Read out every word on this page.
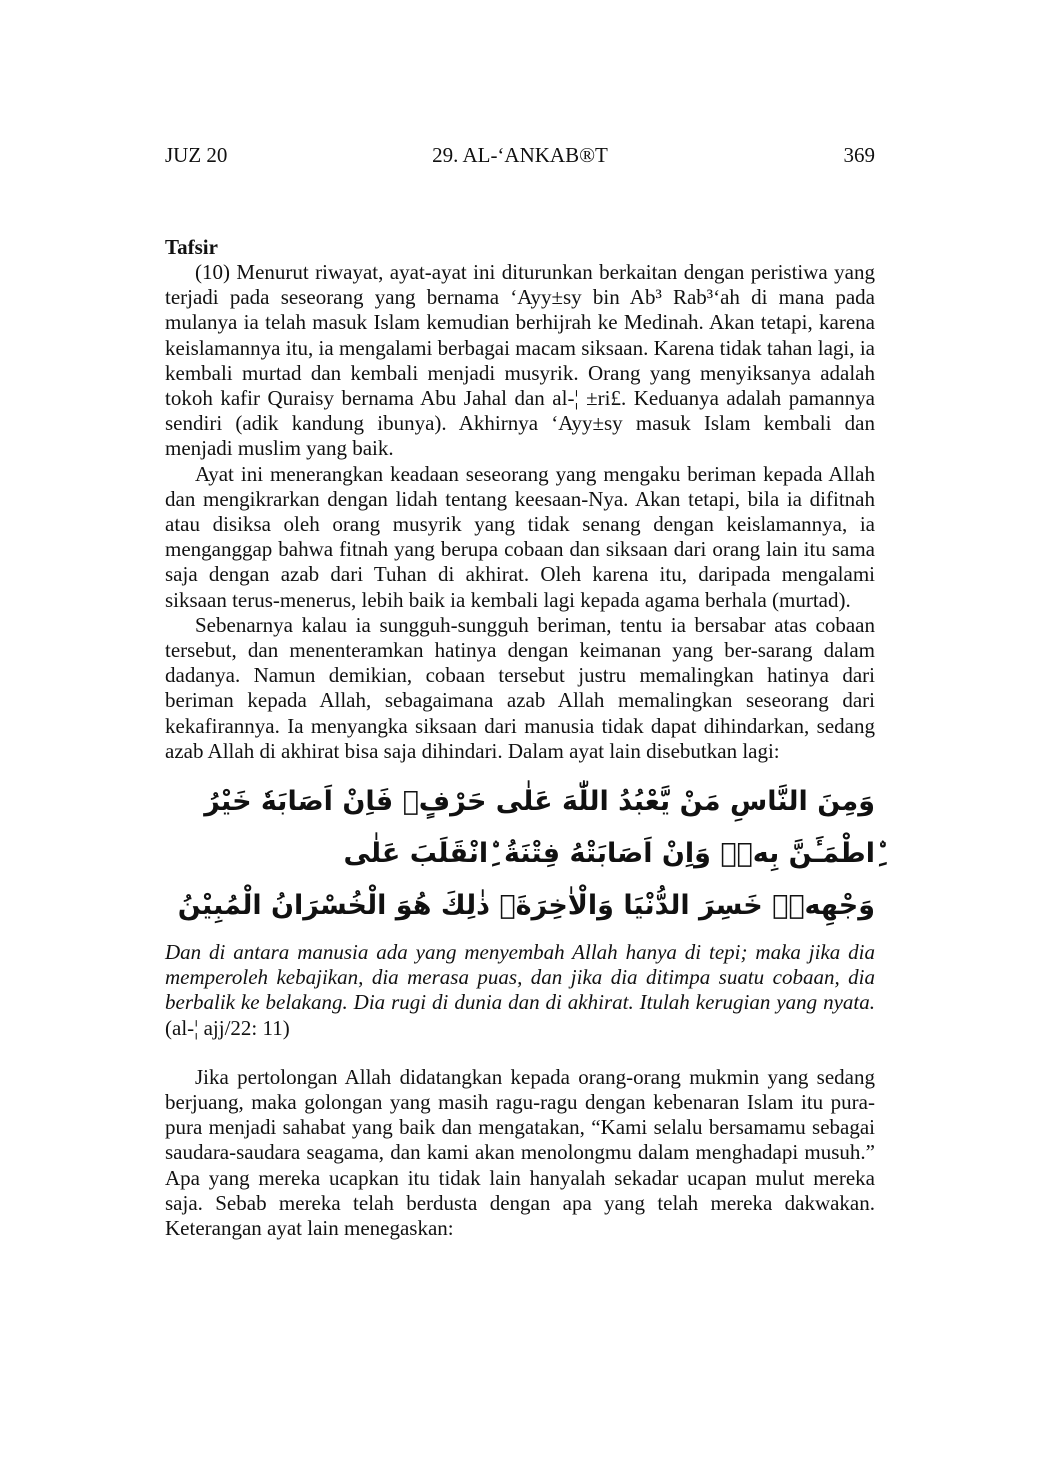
JUZ 20	29. AL-‘ANKAB®T	369
Tafsir

(10) Menurut riwayat, ayat-ayat ini diturunkan berkaitan dengan peristiwa yang terjadi pada seseorang yang bernama ‘Ayy±sy bin Ab³ Rab³‘ah di mana pada mulanya ia telah masuk Islam kemudian berhijrah ke Medinah. Akan tetapi, karena keislamannya itu, ia mengalami berbagai macam siksaan. Karena tidak tahan lagi, ia kembali murtad dan kembali menjadi musyrik. Orang yang menyiksanya adalah tokoh kafir Quraisy bernama Abu Jahal dan al-¦ ±ri£. Keduanya adalah pamannya sendiri (adik kandung ibunya). Akhirnya ‘Ayy±sy masuk Islam kembali dan menjadi muslim yang baik.

Ayat ini menerangkan keadaan seseorang yang mengaku beriman kepada Allah dan mengikrarkan dengan lidah tentang keesaan-Nya. Akan tetapi, bila ia difitnah atau disiksa oleh orang musyrik yang tidak senang dengan keislamannya, ia menganggap bahwa fitnah yang berupa cobaan dan siksaan dari orang lain itu sama saja dengan azab dari Tuhan di akhirat. Oleh karena itu, daripada mengalami siksaan terus-menerus, lebih baik ia kembali lagi kepada agama berhala (murtad).

Sebenarnya kalau ia sungguh-sungguh beriman, tentu ia bersabar atas cobaan tersebut, dan menenteramkan hatinya dengan keimanan yang ber-sarang dalam dadanya. Namun demikian, cobaan tersebut justru memalingkan hatinya dari beriman kepada Allah, sebagaimana azab Allah memalingkan seseorang dari kekafirannya. Ia menyangka siksaan dari manusia tidak dapat dihindarkan, sedang azab Allah di akhirat bisa saja dihindari. Dalam ayat lain disebutkan lagi:

وَمِنَ النَّاسِ مَنْ يَّعْبُدُ اللّٰهَ عَلٰى حَرْفٍۚ فَاِنْ اَصَابَهٗ خَيْرُ ِۨاطْمَـَٔنَّ بِهٖۚ وَاِنْ اَصَابَتْهُ فِتْنَةُ ِۨانْقَلَبَ عَلٰى
وَجْهِهٖۗ خَسِرَ الدُّنْيَا وَالْاٰخِرَةَۗ ذٰلِكَ هُوَ الْخُسْرَانُ الْمُبِيْنُ

Dan di antara manusia ada yang menyembah Allah hanya di tepi; maka jika dia memperoleh kebajikan, dia merasa puas, dan jika dia ditimpa suatu cobaan, dia berbalik ke belakang. Dia rugi di dunia dan di akhirat. Itulah kerugian yang nyata. (al-¦ ajj/22: 11)

Jika pertolongan Allah didatangkan kepada orang-orang mukmin yang sedang berjuang, maka golongan yang masih ragu-ragu dengan kebenaran Islam itu pura-pura menjadi sahabat yang baik dan mengatakan, “Kami selalu bersamamu sebagai saudara-saudara seagama, dan kami akan menolongmu dalam menghadapi musuh.” Apa yang mereka ucapkan itu tidak lain hanyalah sekadar ucapan mulut mereka saja. Sebab mereka telah berdusta dengan apa yang telah mereka dakwakan. Keterangan ayat lain menegaskan:
